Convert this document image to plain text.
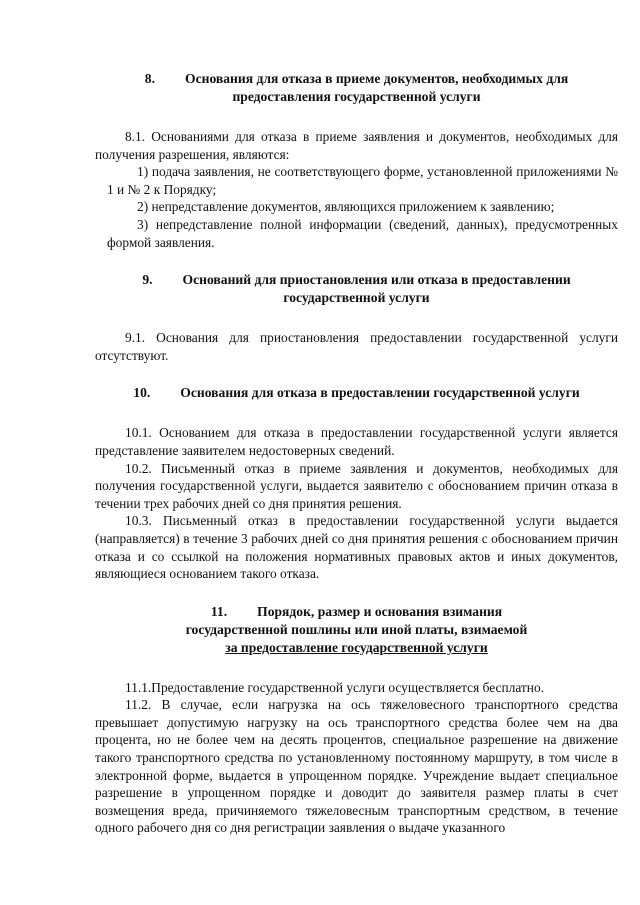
8. Основания для отказа в приеме документов, необходимых для
предоставления государственной услуги
8.1. Основаниями для отказа в приеме заявления и документов, необходимых для получения разрешения, являются:
1) подача заявления, не соответствующего форме, установленной приложениями № 1 и № 2 к Порядку;
2) непредставление документов, являющихся приложением к заявлению;
3) непредставление полной информации (сведений, данных), предусмотренных формой заявления.
9. Оснований для приостановления или отказа в предоставлении
государственной услуги
9.1. Основания для приостановления предоставлении государственной услуги отсутствуют.
10. Основания для отказа в предоставлении государственной услуги
10.1. Основанием для отказа в предоставлении государственной услуги является представление заявителем недостоверных сведений.
10.2. Письменный отказ в приеме заявления и документов, необходимых для получения государственной услуги, выдается заявителю с обоснованием причин отказа в течении трех рабочих дней со дня принятия решения.
10.3. Письменный отказ в предоставлении государственной услуги выдается (направляется) в течение 3 рабочих дней со дня принятия решения с обоснованием причин отказа и со ссылкой на положения нормативных правовых актов и иных документов, являющиеся основанием такого отказа.
11. Порядок, размер и основания взимания
государственной пошлины или иной платы, взимаемой
за предоставление государственной услуги
11.1.Предоставление государственной услуги осуществляется бесплатно.
11.2. В случае, если нагрузка на ось тяжеловесного транспортного средства превышает допустимую нагрузку на ось транспортного средства более чем на два процента, но не более чем на десять процентов, специальное разрешение на движение такого транспортного средства по установленному постоянному маршруту, в том числе в электронной форме, выдается в упрощенном порядке. Учреждение выдает специальное разрешение в упрощенном порядке и доводит до заявителя размер платы в счет возмещения вреда, причиняемого тяжеловесным транспортным средством, в течение одного рабочего дня со дня регистрации заявления о выдаче указанного
